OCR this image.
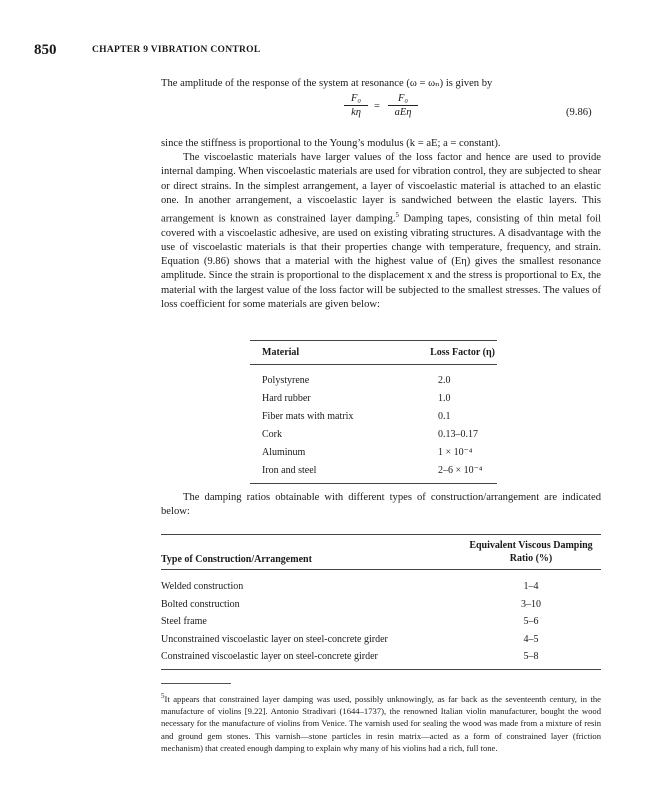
850	CHAPTER 9 VIBRATION CONTROL
The amplitude of the response of the system at resonance (ω = ωₙ) is given by
F₀
kη
=
F₀
aEη	(9.86)
since the stiffness is proportional to the Young’s modulus (k = aE; a = constant).
The viscoelastic materials have larger values of the loss factor and hence are used to provide internal damping. When viscoelastic materials are used for vibration control, they are subjected to shear or direct strains. In the simplest arrangement, a layer of viscoelastic material is attached to an elastic one. In another arrangement, a viscoelastic layer is sandwiched between the elastic layers. This arrangement is known as constrained layer damping.$^5$ Damping tapes, consisting of thin metal foil covered with a viscoelastic adhesive, are used on existing vibrating structures. A disadvantage with the use of viscoelastic materials is that their properties change with temperature, frequency, and strain. Equation (9.86) shows that a material with the highest value of (Eη) gives the smallest resonance amplitude. Since the strain is proportional to the displacement x and the stress is proportional to Ex, the material with the largest value of the loss factor will be subjected to the smallest stresses. The values of loss coefficient for some materials are given below:
Material	Loss Factor (η)
Polystyrene	2.0
Hard rubber	1.0
Fiber mats with matrix	0.1
Cork	0.13–0.17
Aluminum	1 × 10⁻⁴
Iron and steel	2–6 × 10⁻⁴
The damping ratios obtainable with different types of construction/arrangement are indicated below:
Type of Construction/Arrangement
Equivalent Viscous Damping
Ratio (%)
Welded construction	1–4
Bolted construction	3–10
Steel frame	5–6
Unconstrained viscoelastic layer on steel-concrete girder	4–5
Constrained viscoelastic layer on steel-concrete girder	5–8
$^5$It appears that constrained layer damping was used, possibly unknowingly, as far back as the seventeenth century, in the manufacture of violins [9.22]. Antonio Stradivari (1644–1737), the renowned Italian violin manufacturer, bought the wood necessary for the manufacture of violins from Venice. The varnish used for sealing the wood was made from a mixture of resin and ground gem stones. This varnish—stone particles in resin matrix—acted as a form of constrained layer (friction mechanism) that created enough damping to explain why many of his violins had a rich, full tone.
